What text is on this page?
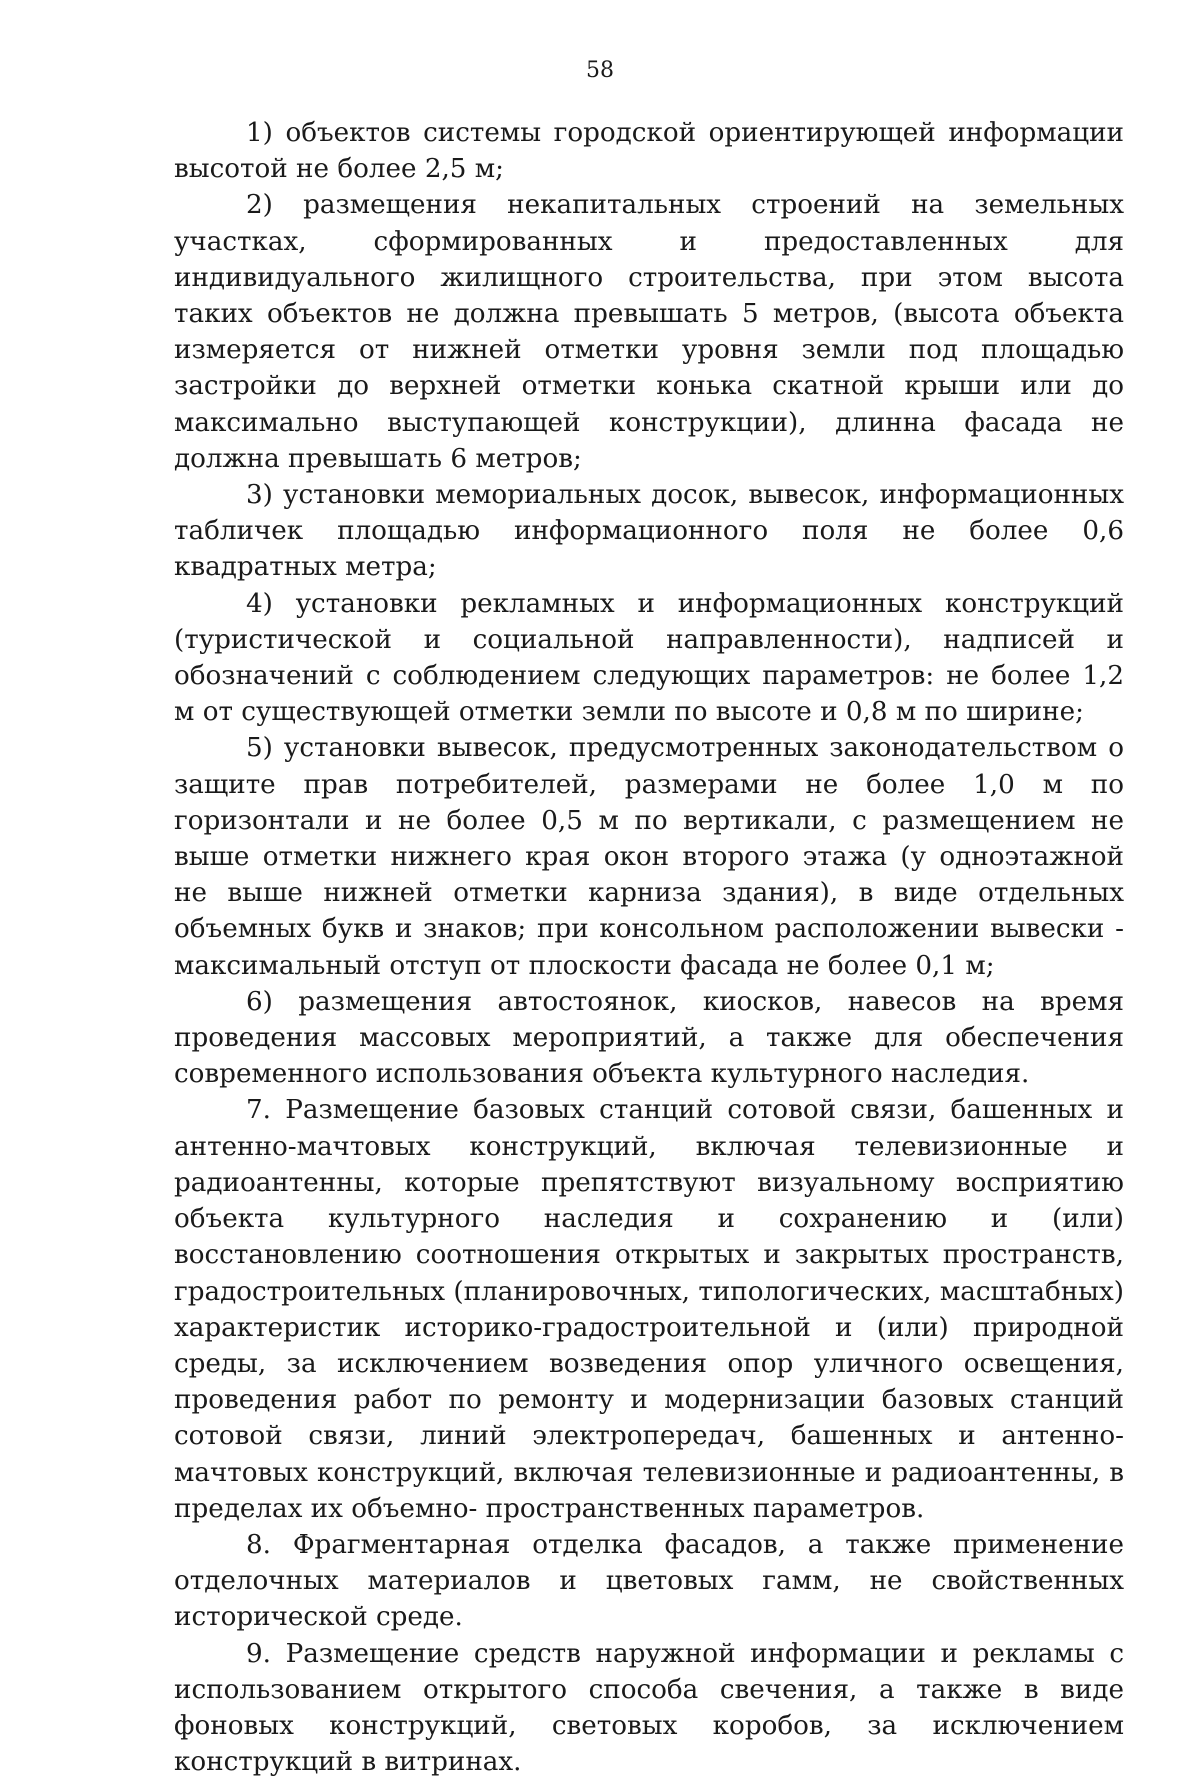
58

1) объектов системы городской ориентирующей информации высотой не более 2,5 м;

2) размещения некапитальных строений на земельных участках, сформированных и предоставленных для индивидуального жилищного строительства, при этом высота таких объектов не должна превышать 5 метров, (высота объекта измеряется от нижней отметки уровня земли под площадью застройки до верхней отметки конька скатной крыши или до максимально выступающей конструкции), длинна фасада не должна превышать 6 метров;

3) установки мемориальных досок, вывесок, информационных табличек площадью информационного поля не более 0,6 квадратных метра;

4) установки рекламных и информационных конструкций (туристической и социальной направленности), надписей и обозначений с соблюдением следующих параметров: не более 1,2 м от существующей отметки земли по высоте и 0,8 м по ширине;

5) установки вывесок, предусмотренных законодательством о защите прав потребителей, размерами не более 1,0 м по горизонтали и не более 0,5 м по вертикали, с размещением не выше отметки нижнего края окон второго этажа (у одноэтажной не выше нижней отметки карниза здания), в виде отдельных объемных букв и знаков; при консольном расположении вывески - максимальный отступ от плоскости фасада не более 0,1 м;

6) размещения автостоянок, киосков, навесов на время проведения массовых мероприятий, а также для обеспечения современного использования объекта культурного наследия.

7. Размещение базовых станций сотовой связи, башенных и антенно-мачтовых конструкций, включая телевизионные и радиоантенны, которые препятствуют визуальному восприятию объекта культурного наследия и сохранению и (или) восстановлению соотношения открытых и закрытых пространств, градостроительных (планировочных, типологических, масштабных) характеристик историко-градостроительной и (или) природной среды, за исключением возведения опор уличного освещения, проведения работ по ремонту и модернизации базовых станций сотовой связи, линий электропередач, башенных и антенно-мачтовых конструкций, включая телевизионные и радиоантенны, в пределах их объемно- пространственных параметров.

8. Фрагментарная отделка фасадов, а также применение отделочных материалов и цветовых гамм, не свойственных исторической среде.

9. Размещение средств наружной информации и рекламы с использованием открытого способа свечения, а также в виде фоновых конструкций, световых коробов, за исключением конструкций в витринах.
